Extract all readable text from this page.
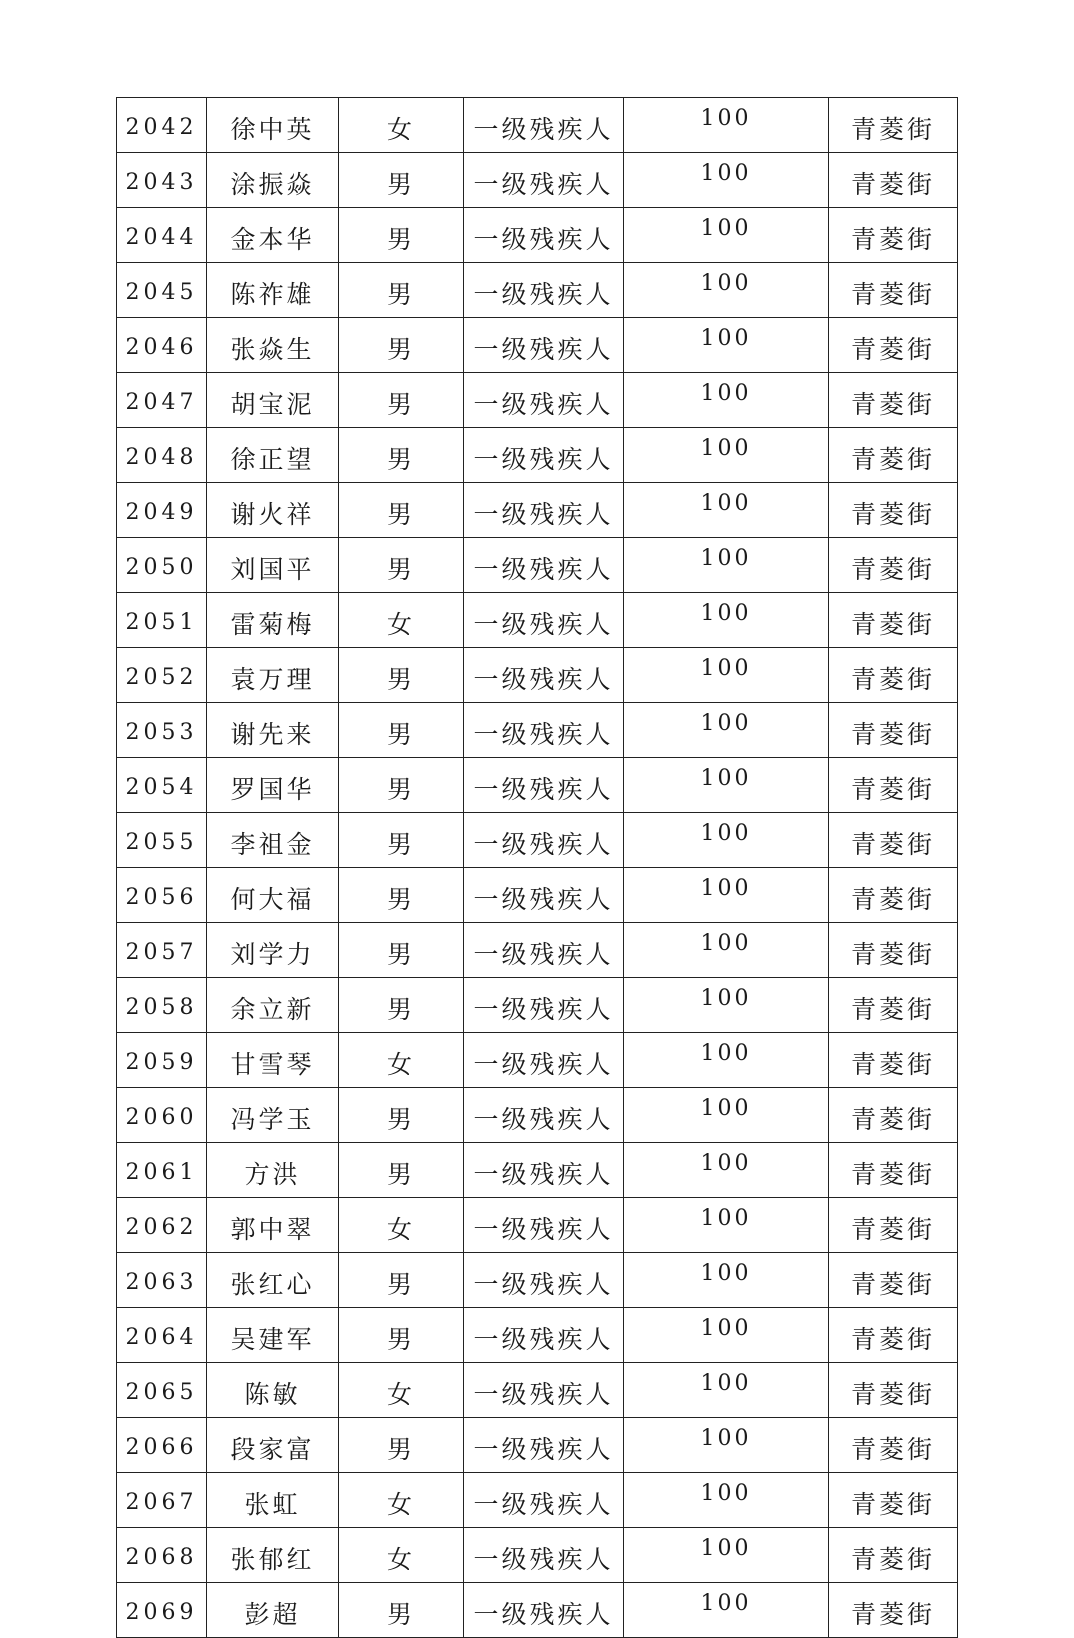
2042	徐中英	女	一级残疾人	100	青菱街
2043	涂振焱	男	一级残疾人	100	青菱街
2044	金本华	男	一级残疾人	100	青菱街
2045	陈祚雄	男	一级残疾人	100	青菱街
2046	张焱生	男	一级残疾人	100	青菱街
2047	胡宝泥	男	一级残疾人	100	青菱街
2048	徐正望	男	一级残疾人	100	青菱街
2049	谢火祥	男	一级残疾人	100	青菱街
2050	刘国平	男	一级残疾人	100	青菱街
2051	雷菊梅	女	一级残疾人	100	青菱街
2052	袁万理	男	一级残疾人	100	青菱街
2053	谢先来	男	一级残疾人	100	青菱街
2054	罗国华	男	一级残疾人	100	青菱街
2055	李祖金	男	一级残疾人	100	青菱街
2056	何大福	男	一级残疾人	100	青菱街
2057	刘学力	男	一级残疾人	100	青菱街
2058	余立新	男	一级残疾人	100	青菱街
2059	甘雪琴	女	一级残疾人	100	青菱街
2060	冯学玉	男	一级残疾人	100	青菱街
2061	方洪	男	一级残疾人	100	青菱街
2062	郭中翠	女	一级残疾人	100	青菱街
2063	张红心	男	一级残疾人	100	青菱街
2064	吴建军	男	一级残疾人	100	青菱街
2065	陈敏	女	一级残疾人	100	青菱街
2066	段家富	男	一级残疾人	100	青菱街
2067	张虹	女	一级残疾人	100	青菱街
2068	张郁红	女	一级残疾人	100	青菱街
2069	彭超	男	一级残疾人	100	青菱街
